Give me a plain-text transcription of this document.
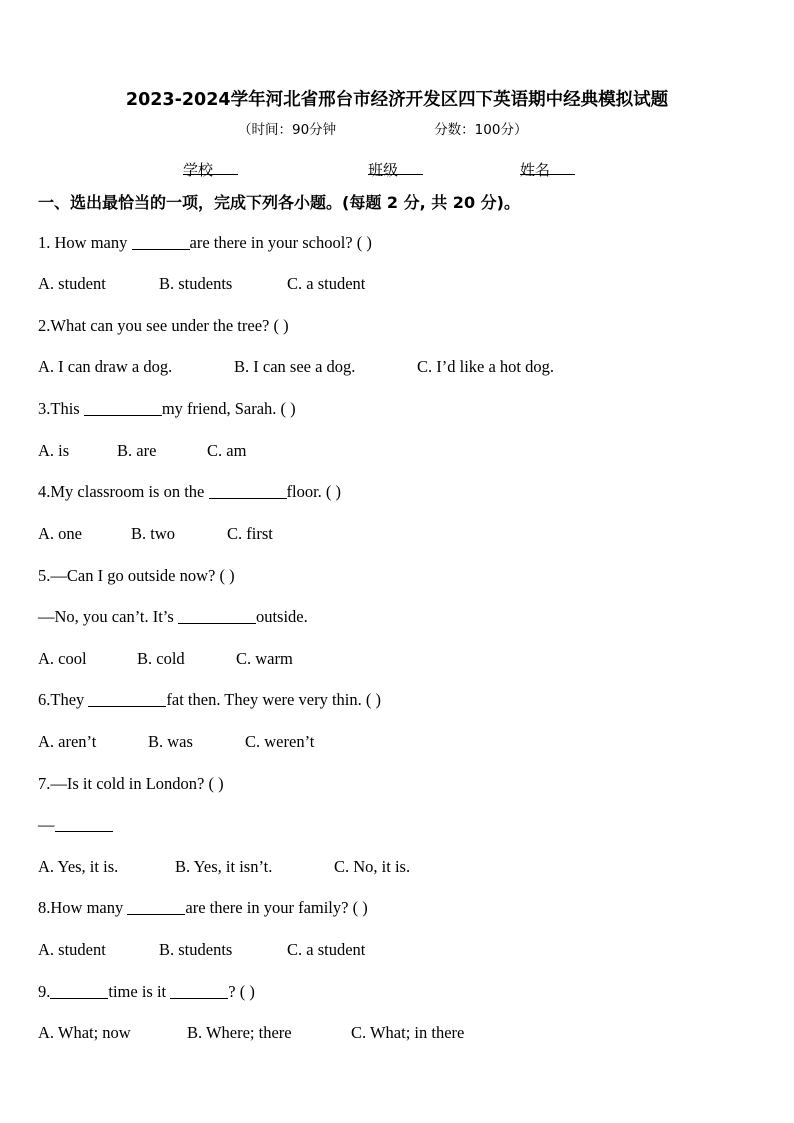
2023-2024学年河北省邢台市经济开发区四下英语期中经典模拟试题
（时间：90分钟	分数：100分）
学校	班级	姓名
一、选出最恰当的一项，完成下列各小题。(每题 2 分, 共 20 分)。
1. How many	are there in your school? ( )
A. student	B. students	C. a student
2.What can you see under the tree? ( )
A. I can draw a dog.	B. I can see a dog.	C. I’d like a hot dog.
3.This	my friend, Sarah. ( )
A. is	B. are	C. am
4.My classroom is on the	floor. ( )
A. one	B. two	C. first
5.—Can I go outside now? ( )
—No, you can’t. It’s	outside.
A. cool	B. cold	C. warm
6.They	fat then. They were very thin. ( )
A. aren’t	B. was	C. weren’t
7.—Is it cold in London? ( )
—
A. Yes, it is.	B. Yes, it isn’t.	C. No, it is.
8.How many	are there in your family? ( )
A. student	B. students	C. a student
9.	time is it	? ( )
A. What; now	B. Where; there	C. What; in there
